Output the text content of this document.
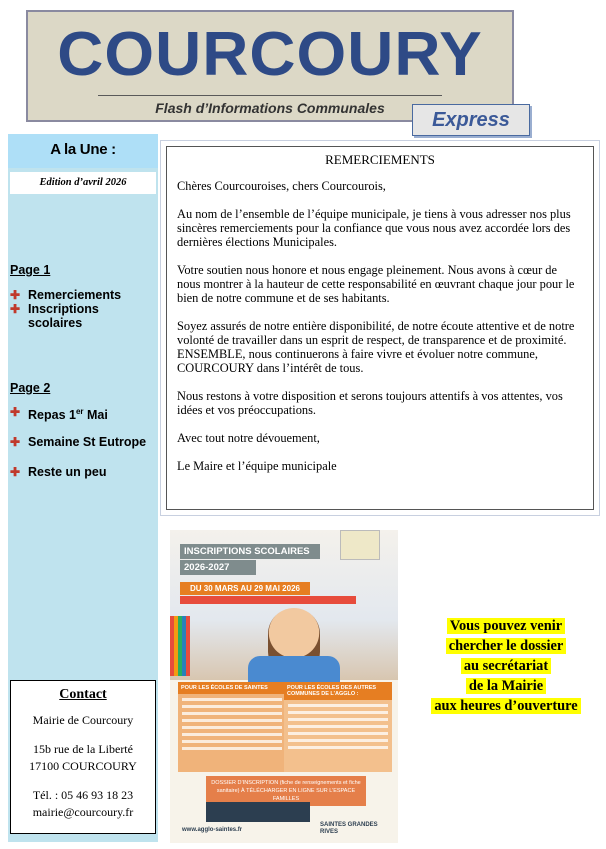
COURCOURY
Flash d’Informations Communales
Express
A la Une :
Edition d’avril 2026
Page 1
✚ Remerciements
✚ Inscriptions scolaires
Page 2
✚ Repas 1er Mai
✚ Semaine St Eutrope
✚ Reste un peu
Contact

Mairie de Courcoury

15b rue de la Liberté

17100 COURCOURY

Tél. : 05 46 93 18 23

mairie@courcoury.fr

REMERCIEMENTS

Chères Courcouroises, chers Courcourois,

Au nom de l’ensemble de l’équipe municipale, je tiens à vous adresser nos plus sincères remerciements pour la confiance que vous nous avez accordée lors des dernières élections Municipales.

Votre soutien nous honore et nous engage pleinement. Nous avons à cœur de nous montrer à la hauteur de cette responsabilité en œuvrant chaque jour pour le bien de notre commune et de ses habitants.

Soyez assurés de notre entière disponibilité, de notre écoute attentive et de notre volonté de travailler dans un esprit de respect, de transparence et de proximité. ENSEMBLE, nous continuerons à faire vivre et évoluer notre commune, COURCOURY dans l’intérêt de tous.

Nous restons à votre disposition et serons toujours attentifs à vos attentes, vos idées et vos préoccupations.

Avec tout notre dévouement,

Le Maire et l’équipe municipale

INSCRIPTIONS SCOLAIRES
2026-2027
DU 30 MARS AU 29 MAI 2026

POUR LES ÉCOLES DE SAINTES	POUR LES ÉCOLES DES AUTRES COMMUNES DE L’AGGLO :
DOSSIER D’INSCRIPTION (fiche de renseignements et fiche sanitaire) À TÉLÉCHARGER EN LIGNE SUR L’ESPACE FAMILLES

www.agglo-saintes.fr
SAINTES GRANDES RIVES
Vous pouvez venir
chercher le dossier
au secrétariat
de la Mairie
aux heures d’ouverture
